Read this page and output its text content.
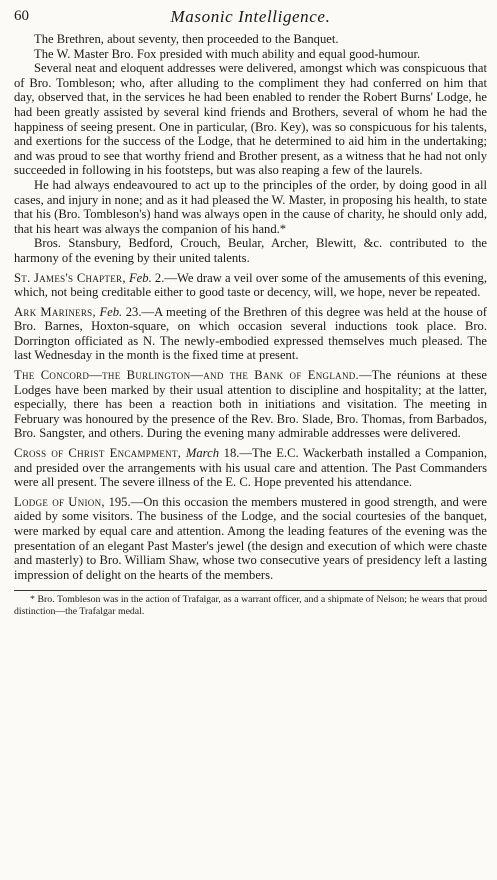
60	Masonic Intelligence.

The Brethren, about seventy, then proceeded to the Banquet.

The W. Master Bro. Fox presided with much ability and equal good-humour.

Several neat and eloquent addresses were delivered, amongst which was conspicuous that of Bro. Tombleson; who, after alluding to the compliment they had conferred on him that day, observed that, in the services he had been enabled to render the Robert Burns' Lodge, he had been greatly assisted by several kind friends and Brothers, several of whom he had the happiness of seeing present. One in particular, (Bro. Key), was so conspicuous for his talents, and exertions for the success of the Lodge, that he determined to aid him in the undertaking; and was proud to see that worthy friend and Brother present, as a witness that he had not only succeeded in following in his footsteps, but was also reaping a few of the laurels.

He had always endeavoured to act up to the principles of the order, by doing good in all cases, and injury in none; and as it had pleased the W. Master, in proposing his health, to state that his (Bro. Tombleson's) hand was always open in the cause of charity, he should only add, that his heart was always the companion of his hand.*

Bros. Stansbury, Bedford, Crouch, Beular, Archer, Blewitt, &c. contributed to the harmony of the evening by their united talents.

St. James's Chapter, Feb. 2.—We draw a veil over some of the amusements of this evening, which, not being creditable either to good taste or decency, will, we hope, never be repeated.

Ark Mariners, Feb. 23.—A meeting of the Brethren of this degree was held at the house of Bro. Barnes, Hoxton-square, on which occasion several inductions took place. Bro. Dorrington officiated as N. The newly-embodied expressed themselves much pleased. The last Wednesday in the month is the fixed time at present.

The Concord—the Burlington—and the Bank of England.—The réunions at these Lodges have been marked by their usual attention to discipline and hospitality; at the latter, especially, there has been a reaction both in initiations and visitation. The meeting in February was honoured by the presence of the Rev. Bro. Slade, Bro. Thomas, from Barbados, Bro. Sangster, and others. During the evening many admirable addresses were delivered.

Cross of Christ Encampment, March 18.—The E.C. Wackerbath installed a Companion, and presided over the arrangements with his usual care and attention. The Past Commanders were all present. The severe illness of the E. C. Hope prevented his attendance.

Lodge of Union, 195.—On this occasion the members mustered in good strength, and were aided by some visitors. The business of the Lodge, and the social courtesies of the banquet, were marked by equal care and attention. Among the leading features of the evening was the presentation of an elegant Past Master's jewel (the design and execution of which were chaste and masterly) to Bro. William Shaw, whose two consecutive years of presidency left a lasting impression of delight on the hearts of the members.

* Bro. Tombleson was in the action of Trafalgar, as a warrant officer, and a shipmate of Nelson; he wears that proud distinction—the Trafalgar medal.
